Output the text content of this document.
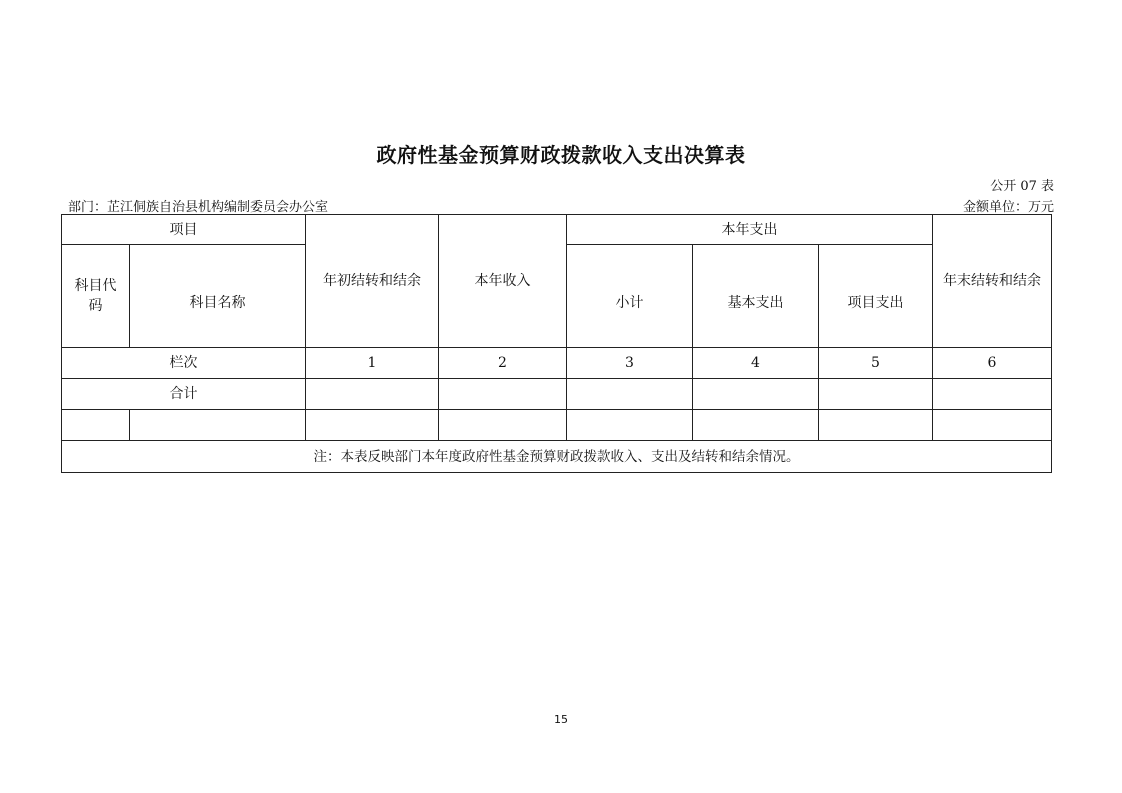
政府性基金预算财政拨款收入支出决算表
公开 07 表
部门：芷江侗族自治县机构编制委员会办公室	金额单位：万元
项目		年初结转和结余	本年收入	本年支出			年末结转和结余

科目代码	科目名称			小计	基本支出	项目支出	
栏次		1	2	3	4	5	6
合计							

注：本表反映部门本年度政府性基金预算财政拨款收入、支出及结转和结余情况。							
15
